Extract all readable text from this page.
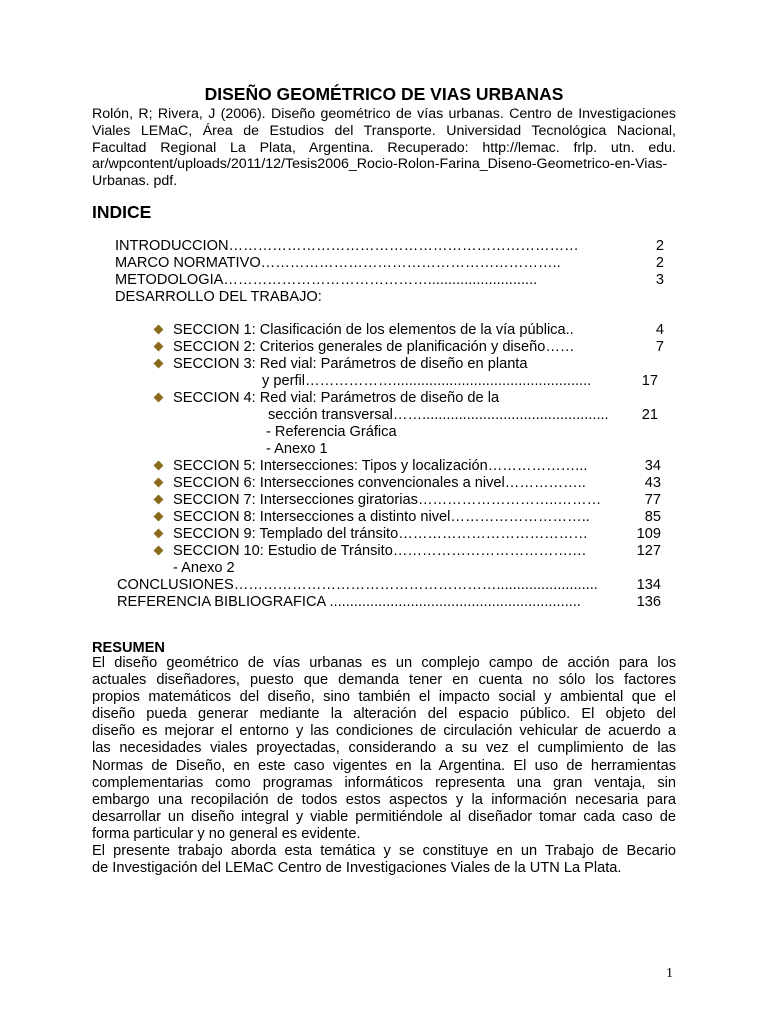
DISEÑO GEOMÉTRICO DE VIAS URBANAS
Rolón, R; Rivera, J (2006). Diseño geométrico de vías urbanas. Centro de Investigaciones
Viales LEMaC, Área de Estudios del Transporte. Universidad Tecnológica Nacional,
Facultad Regional La Plata, Argentina. Recuperado: http://lemac. frlp. utn. edu.
ar/wpcontent/uploads/2011/12/Tesis2006_Rocio-Rolon-Farina_Diseno-Geometrico-en-Vias-
Urbanas. pdf.
INDICE
INTRODUCCION………………………………………………………………	2
MARCO NORMATIVO……………………………………………………..	2
METODOLOGIA……………………………………...........................	3
DESARROLLO DEL TRABAJO:
SECCION 1: Clasificación de los elementos de la vía pública..	4
SECCION 2: Criterios generales de planificación y diseño……	7
SECCION 3: Red vial: Parámetros de diseño en planta
y perfil……………….................................................	17
SECCION 4: Red vial: Parámetros de diseño de la
sección transversal……..............................................	21
- Referencia Gráfica
- Anexo 1
SECCION 5: Intersecciones: Tipos y localización………………...	34
SECCION 6: Intersecciones convencionales a nivel……………..	43
SECCION 7: Intersecciones giratorias………………………..………	77
SECCION 8: Intersecciones a distinto nivel………………………..	85
SECCION 9: Templado del tránsito…………………………………	109
SECCION 10: Estudio de Tránsito……………………………….…	127
- Anexo 2
CONCLUSIONES……………………………………………….........................	134
REFERENCIA BIBLIOGRAFICA ..............................................................	136
RESUMEN
El diseño geométrico de vías urbanas es un complejo campo de acción para los
actuales diseñadores, puesto que demanda tener en cuenta no sólo los factores
propios matemáticos del diseño, sino también el impacto social y ambiental que el
diseño pueda generar mediante la alteración del espacio público. El objeto del
diseño es mejorar el entorno y las condiciones de circulación vehicular de acuerdo a
las necesidades viales proyectadas, considerando a su vez el cumplimiento de las
Normas de Diseño, en este caso vigentes en la Argentina. El uso de herramientas
complementarias como programas informáticos representa una gran ventaja, sin
embargo una recopilación de todos estos aspectos y la información necesaria para
desarrollar un diseño integral y viable permitiéndole al diseñador tomar cada caso de
forma particular y no general es evidente.
El presente trabajo aborda esta temática y se constituye en un Trabajo de Becario
de Investigación del LEMaC Centro de Investigaciones Viales de la UTN La Plata.
1
